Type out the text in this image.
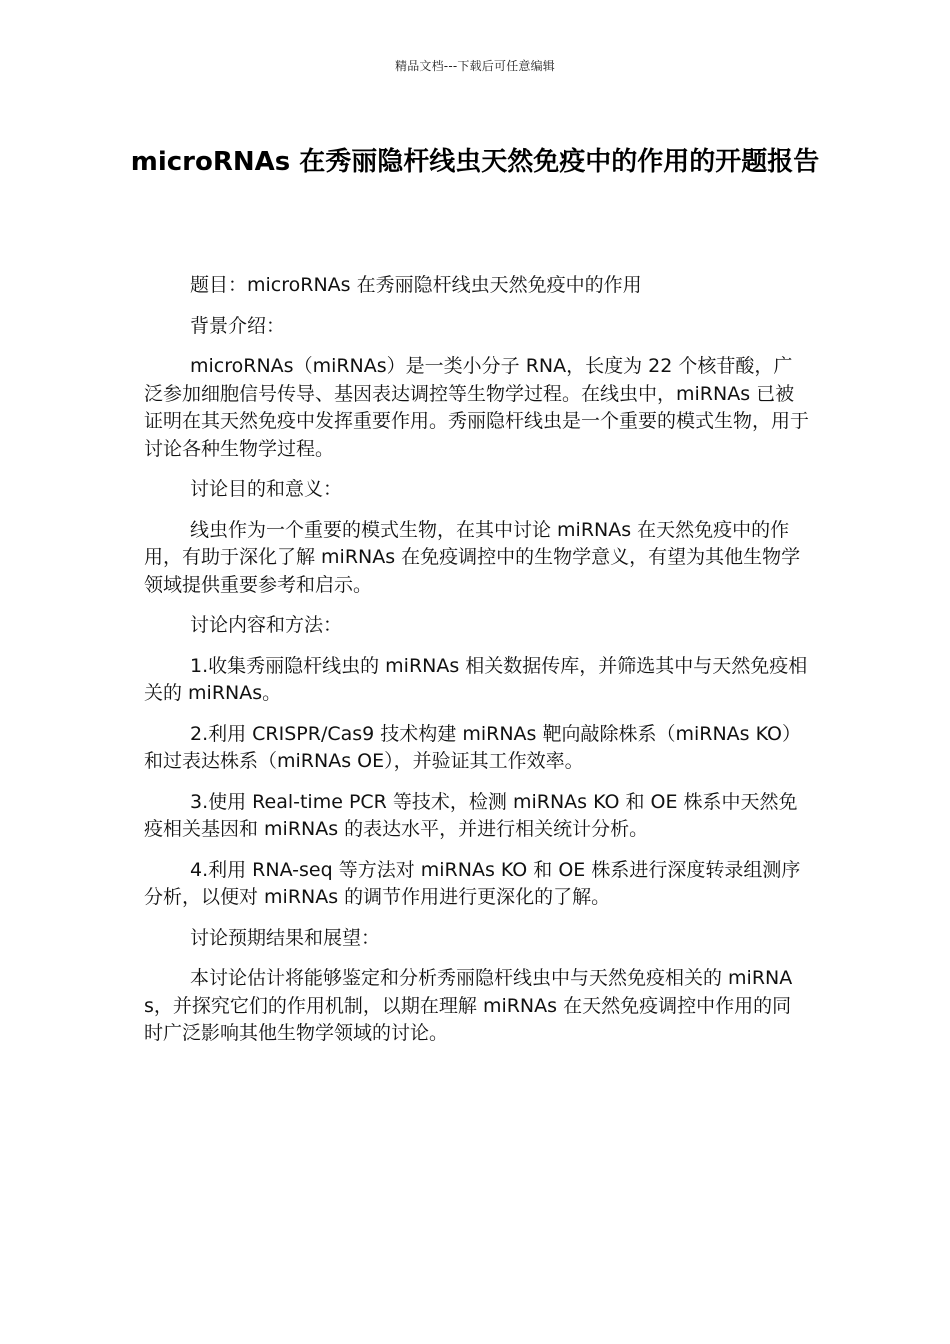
精品文档---下载后可任意编辑
microRNAs 在秀丽隐杆线虫天然免疫中的作用的开题报告

题目：microRNAs 在秀丽隐杆线虫天然免疫中的作用

背景介绍：

microRNAs（miRNAs）是一类小分子 RNA，长度为 22 个核苷酸，广泛参加细胞信号传导、基因表达调控等生物学过程。在线虫中，miRNAs 已被证明在其天然免疫中发挥重要作用。秀丽隐杆线虫是一个重要的模式生物，用于讨论各种生物学过程。

讨论目的和意义：

线虫作为一个重要的模式生物，在其中讨论 miRNAs 在天然免疫中的作用，有助于深化了解 miRNAs 在免疫调控中的生物学意义，有望为其他生物学领域提供重要参考和启示。

讨论内容和方法：

1.收集秀丽隐杆线虫的 miRNAs 相关数据传库，并筛选其中与天然免疫相关的 miRNAs。

2.利用 CRISPR/Cas9 技术构建 miRNAs 靶向敲除株系（miRNAs KO）和过表达株系（miRNAs OE），并验证其工作效率。

3.使用 Real-time PCR 等技术，检测 miRNAs KO 和 OE 株系中天然免疫相关基因和 miRNAs 的表达水平，并进行相关统计分析。

4.利用 RNA-seq 等方法对 miRNAs KO 和 OE 株系进行深度转录组测序分析，以便对 miRNAs 的调节作用进行更深化的了解。

讨论预期结果和展望：

本讨论估计将能够鉴定和分析秀丽隐杆线虫中与天然免疫相关的 miRNAs，并探究它们的作用机制，以期在理解 miRNAs 在天然免疫调控中作用的同时广泛影响其他生物学领域的讨论。
